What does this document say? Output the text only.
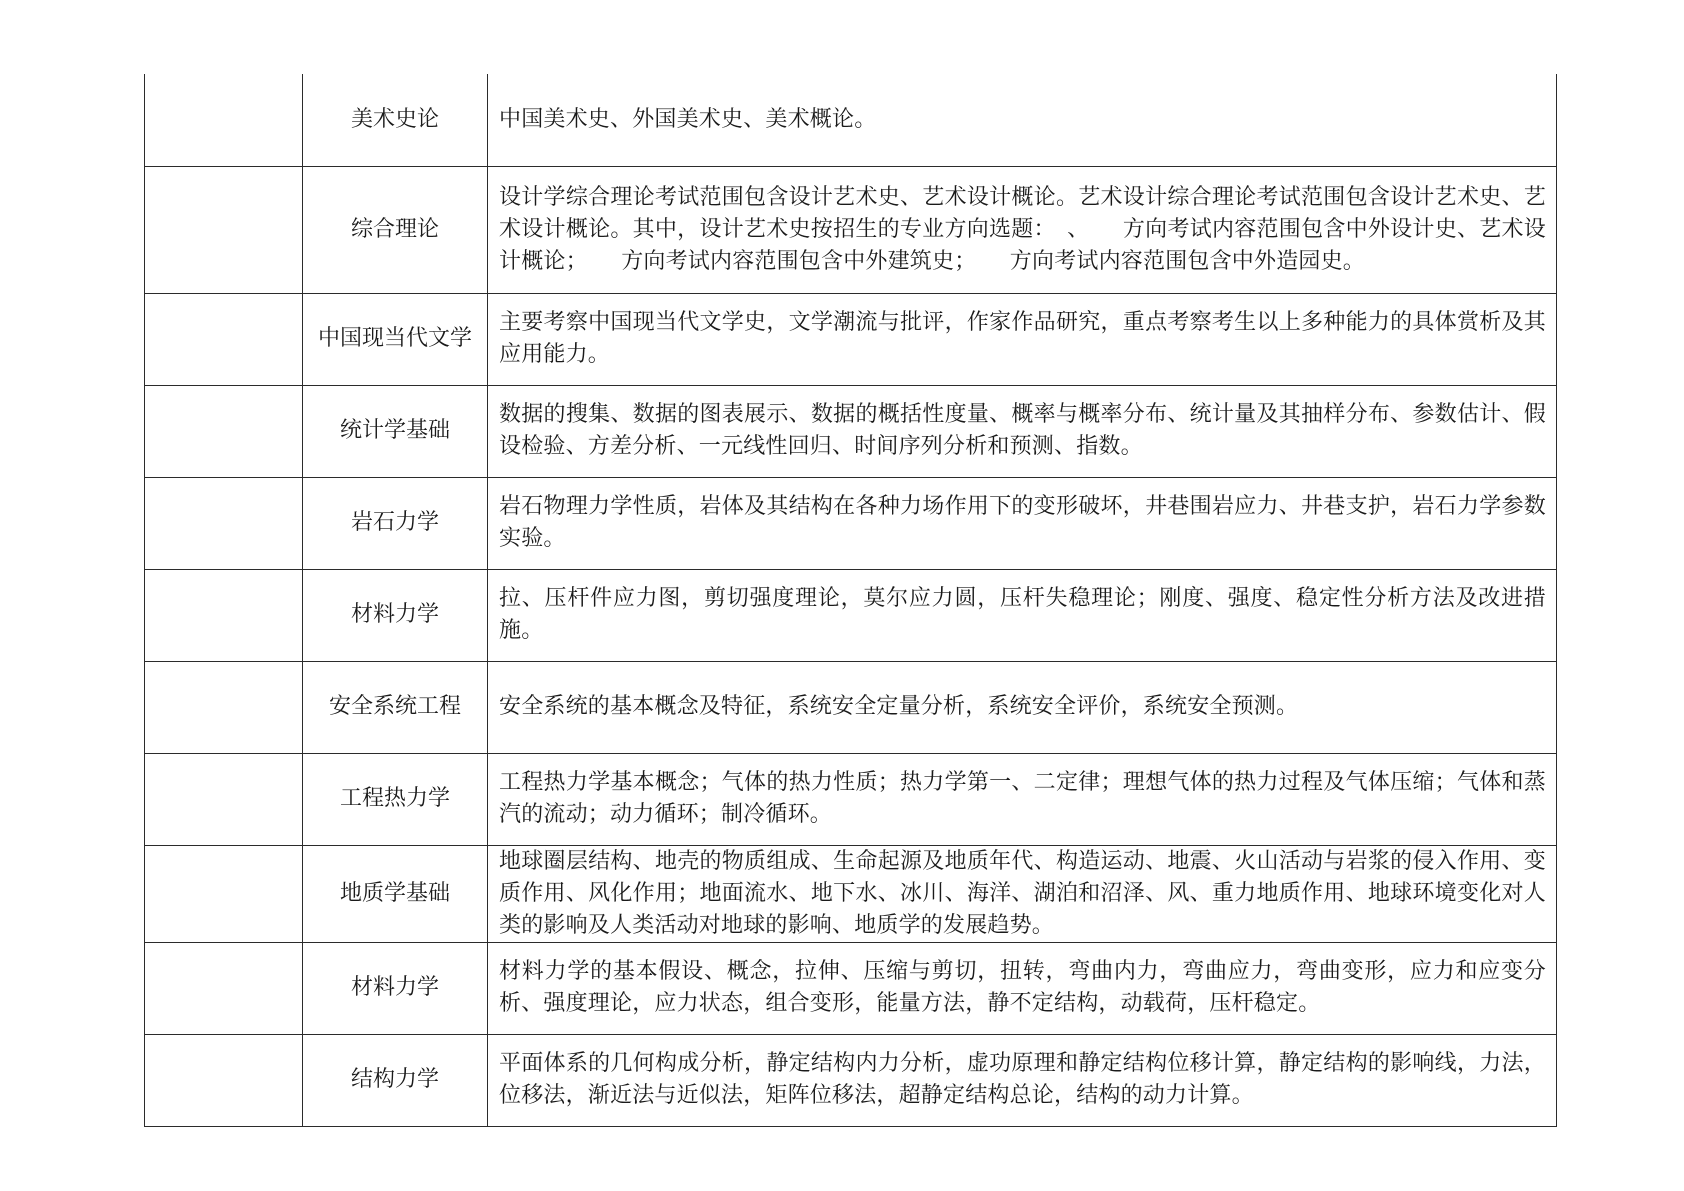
	美术史论	中国美术史、外国美术史、美术概论。
	综合理论	设计学综合理论考试范围包含设计艺术史、艺术设计概论。艺术设计综合理论考试范围包含设计艺术史、艺术设计概论。其中，设计艺术史按招生的专业方向选题：　、　　方向考试内容范围包含中外设计史、艺术设计概论；　　方向考试内容范围包含中外建筑史；　　方向考试内容范围包含中外造园史。
	中国现当代文学	主要考察中国现当代文学史，文学潮流与批评，作家作品研究，重点考察考生以上多种能力的具体赏析及其应用能力。
	统计学基础	数据的搜集、数据的图表展示、数据的概括性度量、概率与概率分布、统计量及其抽样分布、参数估计、假设检验、方差分析、一元线性回归、时间序列分析和预测、指数。
	岩石力学	岩石物理力学性质，岩体及其结构在各种力场作用下的变形破坏，井巷围岩应力、井巷支护，岩石力学参数实验。
	材料力学	拉、压杆件应力图，剪切强度理论，莫尔应力圆，压杆失稳理论；刚度、强度、稳定性分析方法及改进措施。
	安全系统工程	安全系统的基本概念及特征，系统安全定量分析，系统安全评价，系统安全预测。
	工程热力学	工程热力学基本概念；气体的热力性质；热力学第一、二定律；理想气体的热力过程及气体压缩；气体和蒸汽的流动；动力循环；制冷循环。
	地质学基础	地球圈层结构、地壳的物质组成、生命起源及地质年代、构造运动、地震、火山活动与岩浆的侵入作用、变质作用、风化作用；地面流水、地下水、冰川、海洋、湖泊和沼泽、风、重力地质作用、地球环境变化对人类的影响及人类活动对地球的影响、地质学的发展趋势。
	材料力学	材料力学的基本假设、概念，拉伸、压缩与剪切，扭转，弯曲内力，弯曲应力，弯曲变形，应力和应变分析、强度理论，应力状态，组合变形，能量方法，静不定结构，动载荷，压杆稳定。
	结构力学	平面体系的几何构成分析，静定结构内力分析，虚功原理和静定结构位移计算，静定结构的影响线，力法，位移法，渐近法与近似法，矩阵位移法，超静定结构总论，结构的动力计算。
